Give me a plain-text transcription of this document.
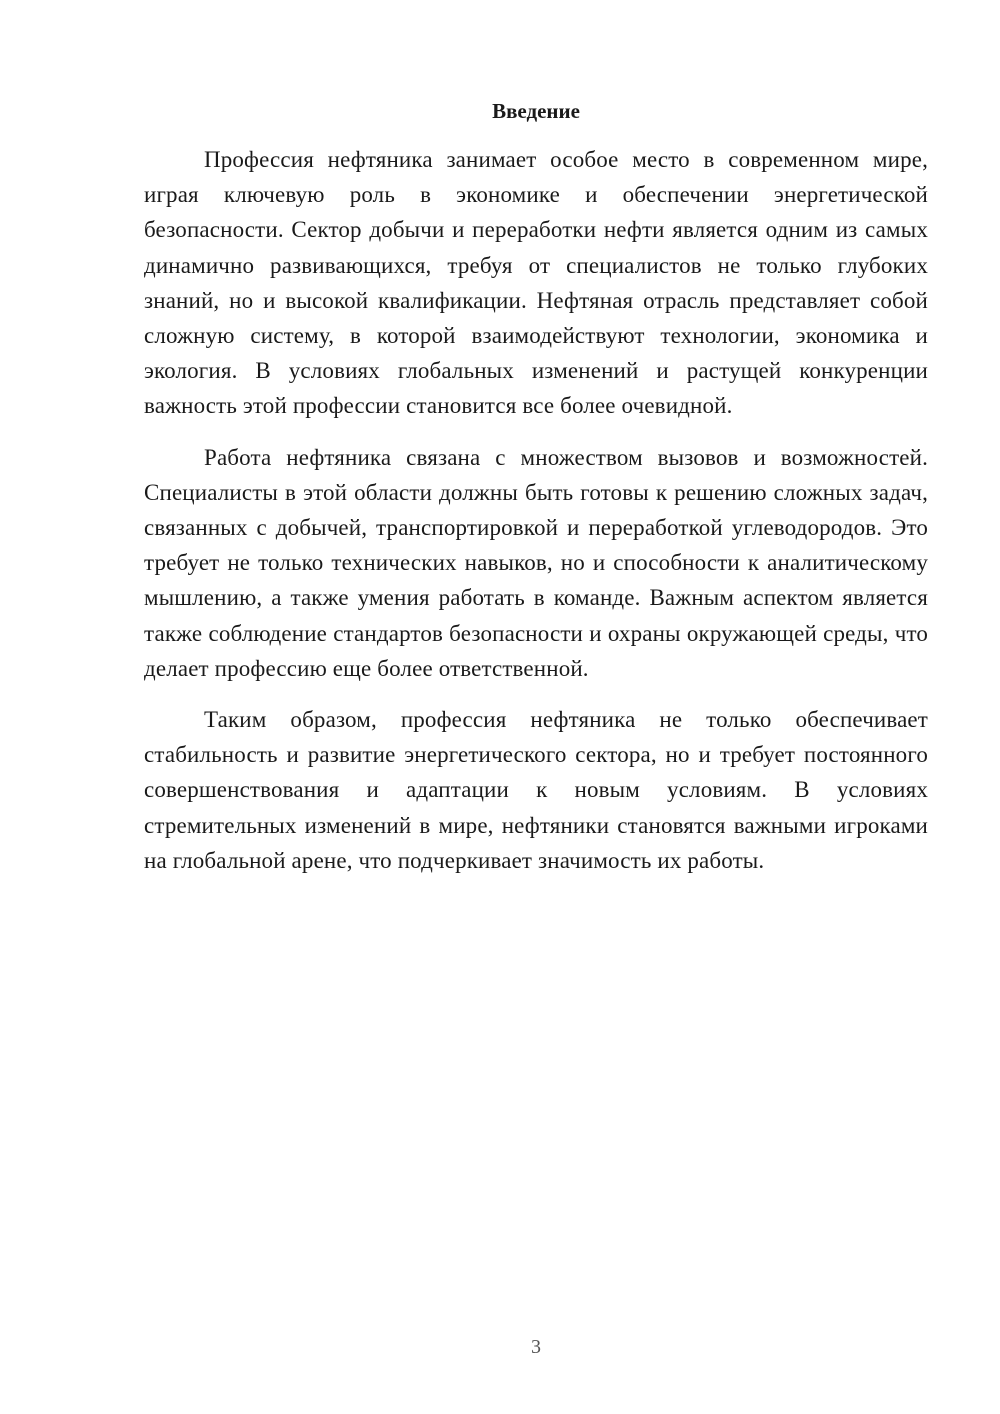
Введение

Профессия нефтяника занимает особое место в современном мире, играя ключевую роль в экономике и обеспечении энергетической безопасности. Сектор добычи и переработки нефти является одним из самых динамично развивающихся, требуя от специалистов не только глубоких знаний, но и высокой квалификации. Нефтяная отрасль представляет собой сложную систему, в которой взаимодействуют технологии, экономика и экология. В условиях глобальных изменений и растущей конкуренции важность этой профессии становится все более очевидной.

Работа нефтяника связана с множеством вызовов и возможностей. Специалисты в этой области должны быть готовы к решению сложных задач, связанных с добычей, транспортировкой и переработкой углеводородов. Это требует не только технических навыков, но и способности к аналитическому мышлению, а также умения работать в команде. Важным аспектом является также соблюдение стандартов безопасности и охраны окружающей среды, что делает профессию еще более ответственной.

Таким образом, профессия нефтяника не только обеспечивает стабильность и развитие энергетического сектора, но и требует постоянного совершенствования и адаптации к новым условиям. В условиях стремительных изменений в мире, нефтяники становятся важными игроками на глобальной арене, что подчеркивает значимость их работы.

3
